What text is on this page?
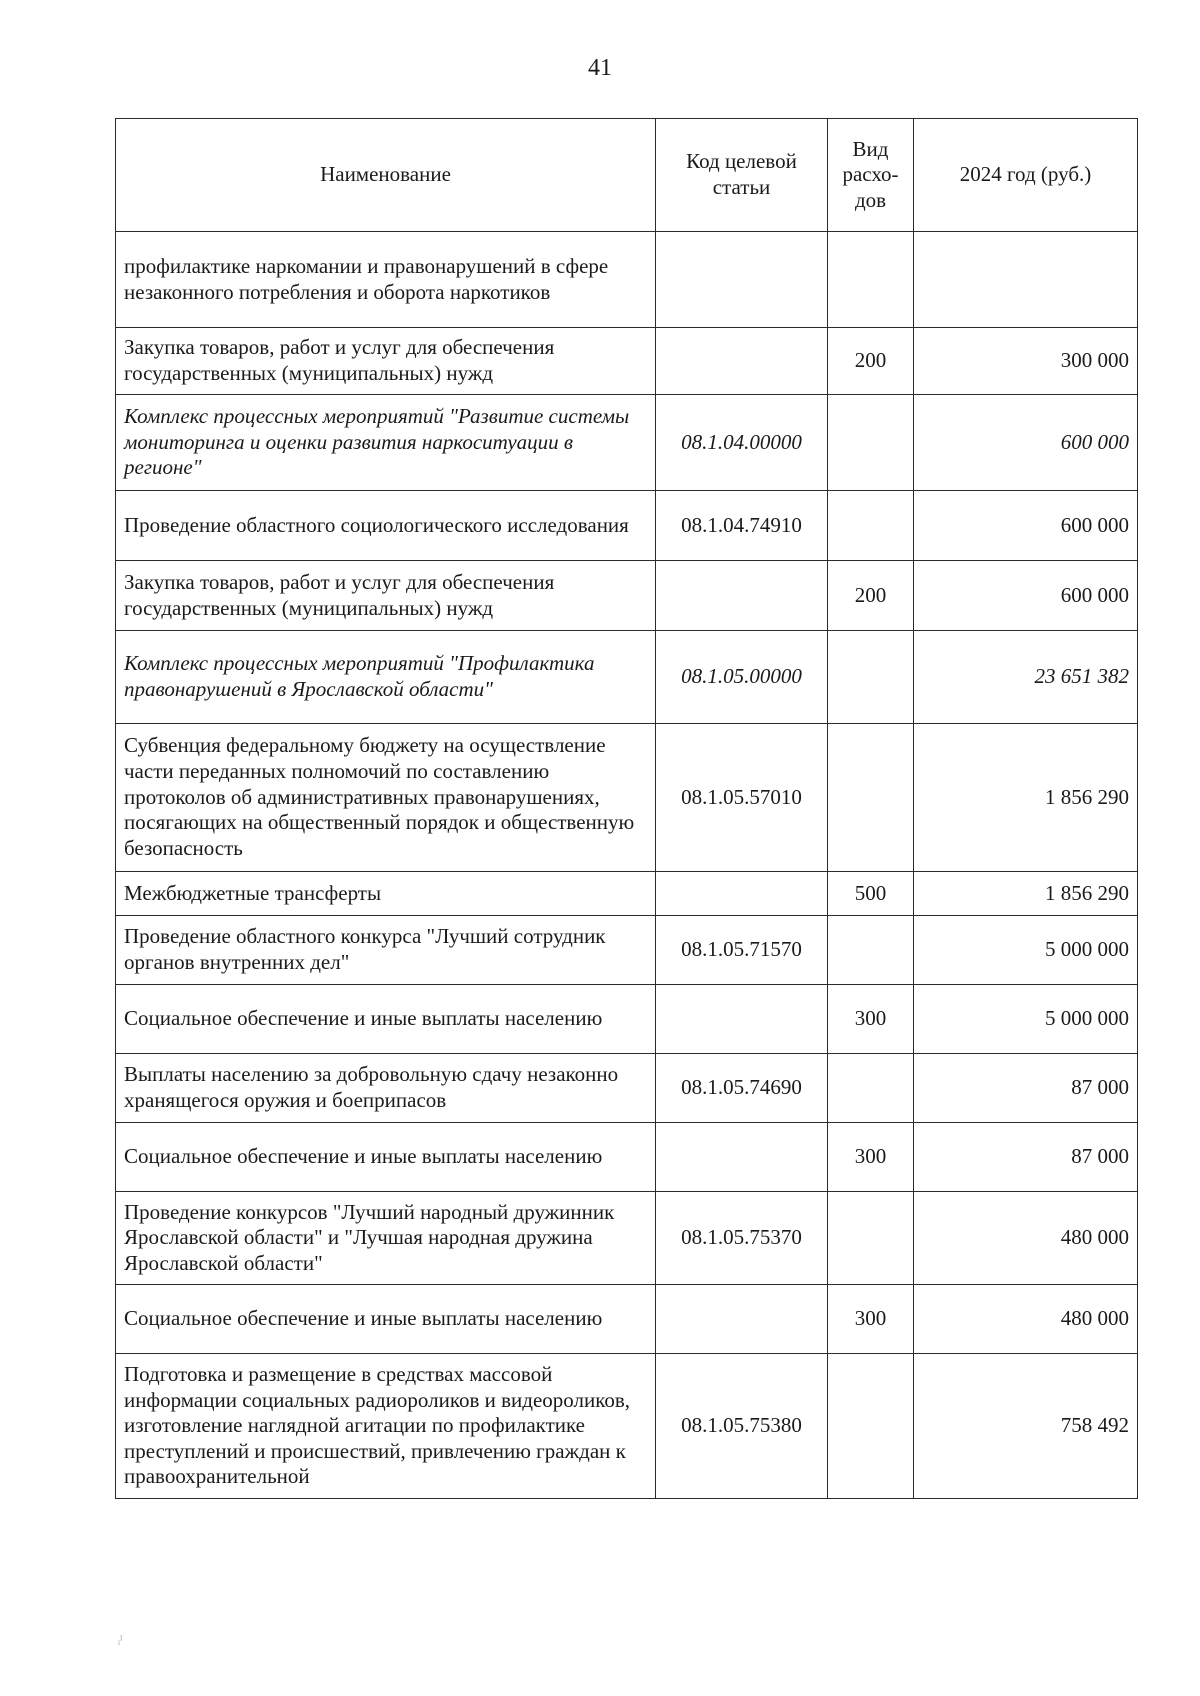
41
Наименование	Код целевой статьи	Вид расхо-дов	2024 год (руб.)
профилактике наркомании и правонарушений в сфере незаконного потребления и оборота наркотиков			
Закупка товаров, работ и услуг для обеспечения государственных (муниципальных) нужд		200	300 000
Комплекс процессных мероприятий "Развитие системы мониторинга и оценки развития наркоситуации в регионе"	08.1.04.00000		600 000
Проведение областного социологического исследования	08.1.04.74910		600 000
Закупка товаров, работ и услуг для обеспечения государственных (муниципальных) нужд		200	600 000
Комплекс процессных мероприятий "Профилактика правонарушений в Ярославской области"	08.1.05.00000		23 651 382
Субвенция федеральному бюджету на осуществление части переданных полномочий по составлению протоколов об административных правонарушениях, посягающих на общественный порядок и общественную безопасность	08.1.05.57010		1 856 290
Межбюджетные трансферты		500	1 856 290
Проведение областного конкурса "Лучший сотрудник органов внутренних дел"	08.1.05.71570		5 000 000
Социальное обеспечение и иные выплаты населению		300	5 000 000
Выплаты населению за добровольную сдачу незаконно хранящегося оружия и боеприпасов	08.1.05.74690		87 000
Социальное обеспечение и иные выплаты населению		300	87 000
Проведение конкурсов "Лучший народный дружинник Ярославской области" и "Лучшая народная дружина Ярославской области"	08.1.05.75370		480 000
Социальное обеспечение и иные выплаты населению		300	480 000
Подготовка и размещение в средствах массовой информации социальных радиороликов и видеороликов, изготовление наглядной агитации по профилактике преступлений и происшествий, привлечению граждан к правоохранительной	08.1.05.75380		758 492
ᵢᴵ
